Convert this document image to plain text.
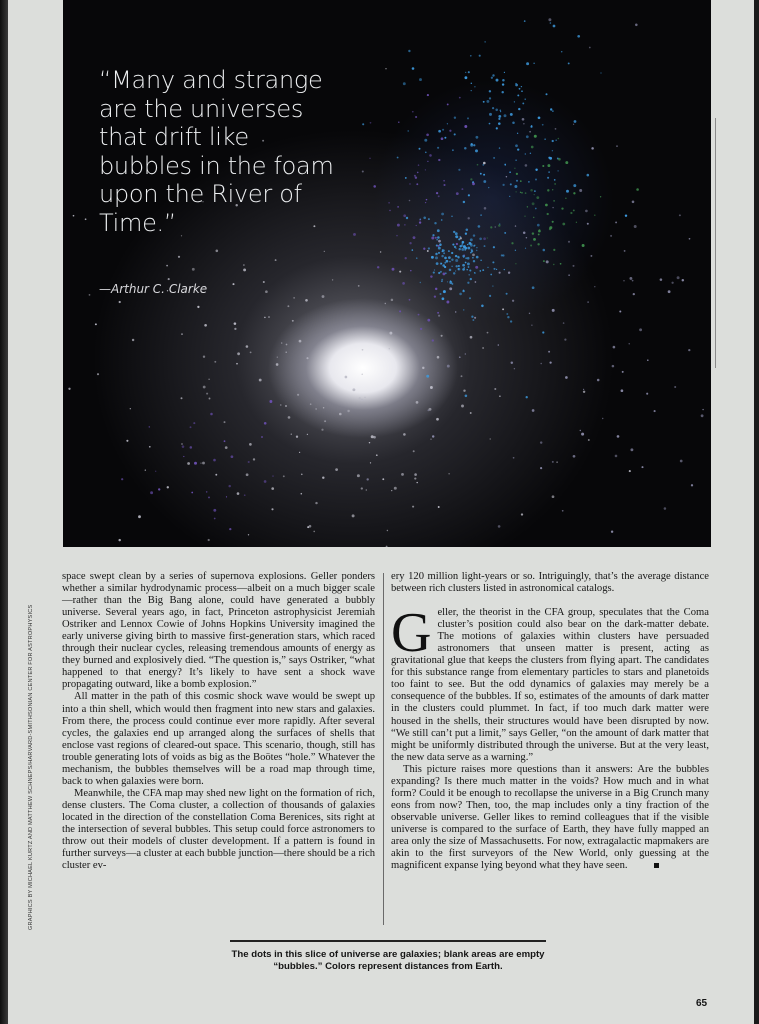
“Many and strange are the universes that drift like bubbles in the foam upon the River of Time.”

—Arthur C. Clarke
GRAPHICS BY MICHAEL KURTZ AND MATTHEW SCHNEPS/HARVARD-SMITHSONIAN CENTER FOR ASTROPHYSICS

space swept clean by a series of supernova explosions. Geller ponders whether a similar hydrodynamic process—albeit on a much bigger scale—rather than the Big Bang alone, could have generated a bubbly universe. Several years ago, in fact, Princeton astrophysicist Jeremiah Ostriker and Lennox Cowie of Johns Hopkins University imagined the early universe giving birth to massive first-generation stars, which raced through their nuclear cycles, releasing tremendous amounts of energy as they burned and explosively died. “The question is,” says Ostriker, “what happened to that energy? It’s likely to have sent a shock wave propagating outward, like a bomb explosion.”

All matter in the path of this cosmic shock wave would be swept up into a thin shell, which would then fragment into new stars and galaxies. From there, the process could continue ever more rapidly. After several cycles, the galaxies end up arranged along the surfaces of shells that enclose vast regions of cleared-out space. This scenario, though, still has trouble generating lots of voids as big as the Boötes “hole.” Whatever the mechanism, the bubbles themselves will be a road map through time, back to when galaxies were born.

Meanwhile, the CFA map may shed new light on the formation of rich, dense clusters. The Coma cluster, a collection of thousands of galaxies located in the direction of the constellation Coma Berenices, sits right at the intersection of several bubbles. This setup could force astronomers to throw out their models of cluster development. If a pattern is found in further surveys—a cluster at each bubble junction—there should be a rich cluster ev-

ery 120 million light-years or so. Intriguingly, that’s the average distance between rich clusters listed in astronomical catalogs.

Geller, the theorist in the CFA group, speculates that the Coma cluster’s position could also bear on the dark-matter debate. The motions of galaxies within clusters have persuaded astronomers that unseen matter is present, acting as gravitational glue that keeps the clusters from flying apart. The candidates for this substance range from elementary particles to stars and planetoids too faint to see. But the odd dynamics of galaxies may merely be a consequence of the bubbles. If so, estimates of the amounts of dark matter in the clusters could plummet. In fact, if too much dark matter were housed in the shells, their structures would have been disrupted by now. “We still can’t put a limit,” says Geller, “on the amount of dark matter that might be uniformly distributed through the universe. But at the very least, the new data serve as a warning.”

This picture raises more questions than it answers: Are the bubbles expanding? Is there much matter in the voids? How much and in what form? Could it be enough to recollapse the universe in a Big Crunch many eons from now? Then, too, the map includes only a tiny fraction of the observable universe. Geller likes to remind colleagues that if the visible universe is compared to the surface of Earth, they have fully mapped an area only the size of Massachusetts. For now, extragalactic mapmakers are akin to the first surveyors of the New World, only guessing at the magnificent expanse lying beyond what they have seen.

The dots in this slice of universe are galaxies; blank areas are empty “bubbles.” Colors represent distances from Earth.

65
